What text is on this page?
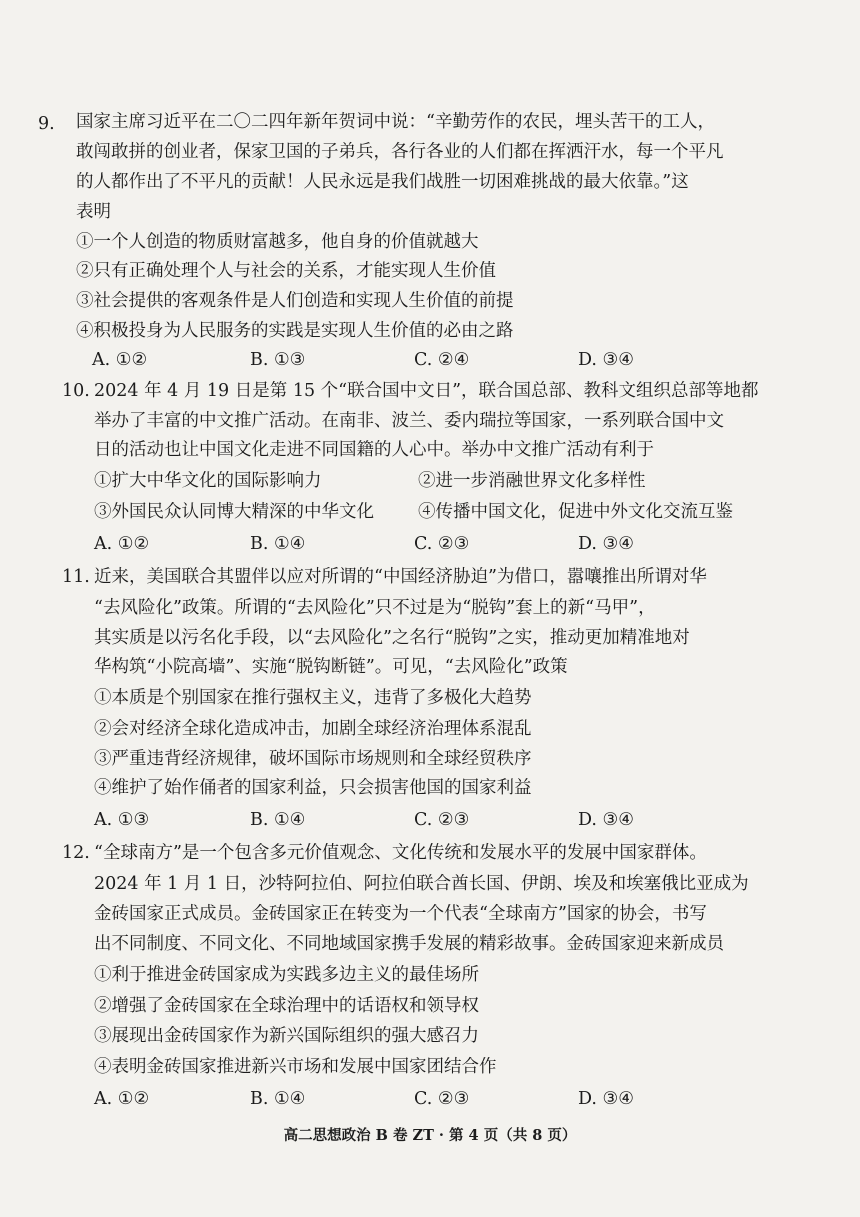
9. 国家主席习近平在二〇二四年新年贺词中说：“辛勤劳作的农民，埋头苦干的工人，
敢闯敢拼的创业者，保家卫国的子弟兵，各行各业的人们都在挥洒汗水，每一个平凡
的人都作出了不平凡的贡献！人民永远是我们战胜一切困难挑战的最大依靠。”这
表明
①一个人创造的物质财富越多，他自身的价值就越大
②只有正确处理个人与社会的关系，才能实现人生价值
③社会提供的客观条件是人们创造和实现人生价值的前提
④积极投身为人民服务的实践是实现人生价值的必由之路
A. ①②	B. ①③	C. ②④	D. ③④
10. 2024 年 4 月 19 日是第 15 个“联合国中文日”，联合国总部、教科文组织总部等地都
举办了丰富的中文推广活动。在南非、波兰、委内瑞拉等国家，一系列联合国中文
日的活动也让中国文化走进不同国籍的人心中。举办中文推广活动有利于
①扩大中华文化的国际影响力	②进一步消融世界文化多样性
③外国民众认同博大精深的中华文化	④传播中国文化，促进中外文化交流互鉴
A. ①②	B. ①④	C. ②③	D. ③④
11. 近来，美国联合其盟伴以应对所谓的“中国经济胁迫”为借口，嚣嚷推出所谓对华
“去风险化”政策。所谓的“去风险化”只不过是为“脱钩”套上的新“马甲”，
其实质是以污名化手段，以“去风险化”之名行“脱钩”之实，推动更加精准地对
华构筑“小院高墙”、实施“脱钩断链”。可见，“去风险化”政策
①本质是个别国家在推行强权主义，违背了多极化大趋势
②会对经济全球化造成冲击，加剧全球经济治理体系混乱
③严重违背经济规律，破坏国际市场规则和全球经贸秩序
④维护了始作俑者的国家利益，只会损害他国的国家利益
A. ①③	B. ①④	C. ②③	D. ③④
12. “全球南方”是一个包含多元价值观念、文化传统和发展水平的发展中国家群体。
2024 年 1 月 1 日，沙特阿拉伯、阿拉伯联合酋长国、伊朗、埃及和埃塞俄比亚成为
金砖国家正式成员。金砖国家正在转变为一个代表“全球南方”国家的协会，书写
出不同制度、不同文化、不同地域国家携手发展的精彩故事。金砖国家迎来新成员
①利于推进金砖国家成为实践多边主义的最佳场所
②增强了金砖国家在全球治理中的话语权和领导权
③展现出金砖国家作为新兴国际组织的强大感召力
④表明金砖国家推进新兴市场和发展中国家团结合作
A. ①②	B. ①④	C. ②③	D. ③④
高二思想政治 B 卷 ZT · 第 4 页（共 8 页）
